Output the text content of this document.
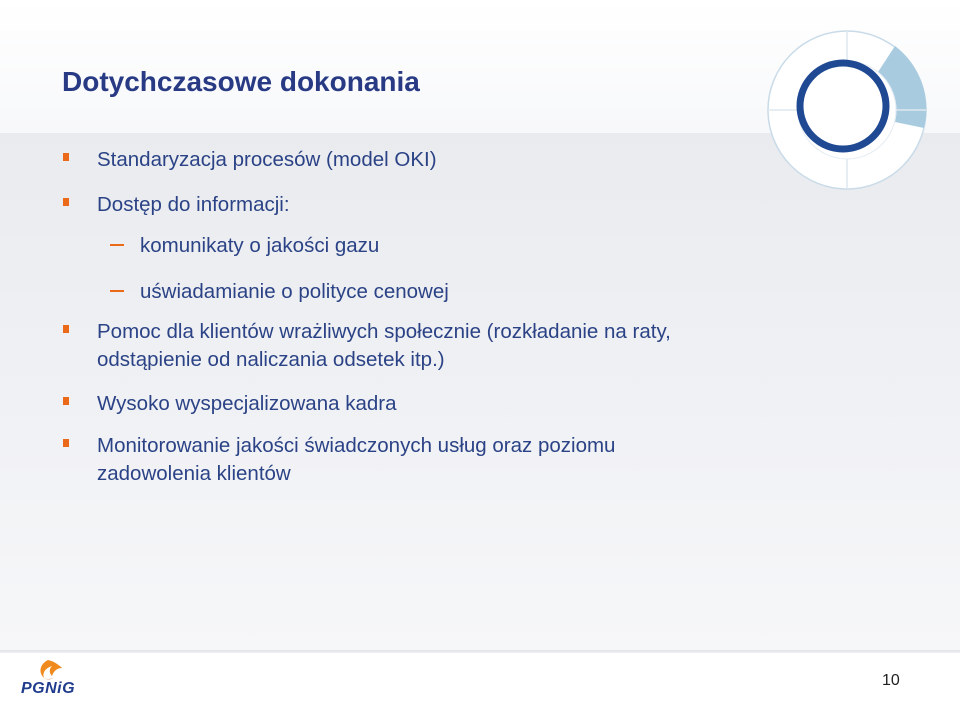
Dotychczasowe dokonania
Standaryzacja procesów (model OKI)
Dostęp do informacji:
komunikaty o jakości gazu
uświadamianie o polityce cenowej
Pomoc dla klientów wrażliwych społecznie (rozkładanie na raty,
odstąpienie od naliczania odsetek itp.)
Wysoko wyspecjalizowana kadra
Monitorowanie jakości świadczonych usług oraz poziomu
zadowolenia klientów
PGNiG	10
